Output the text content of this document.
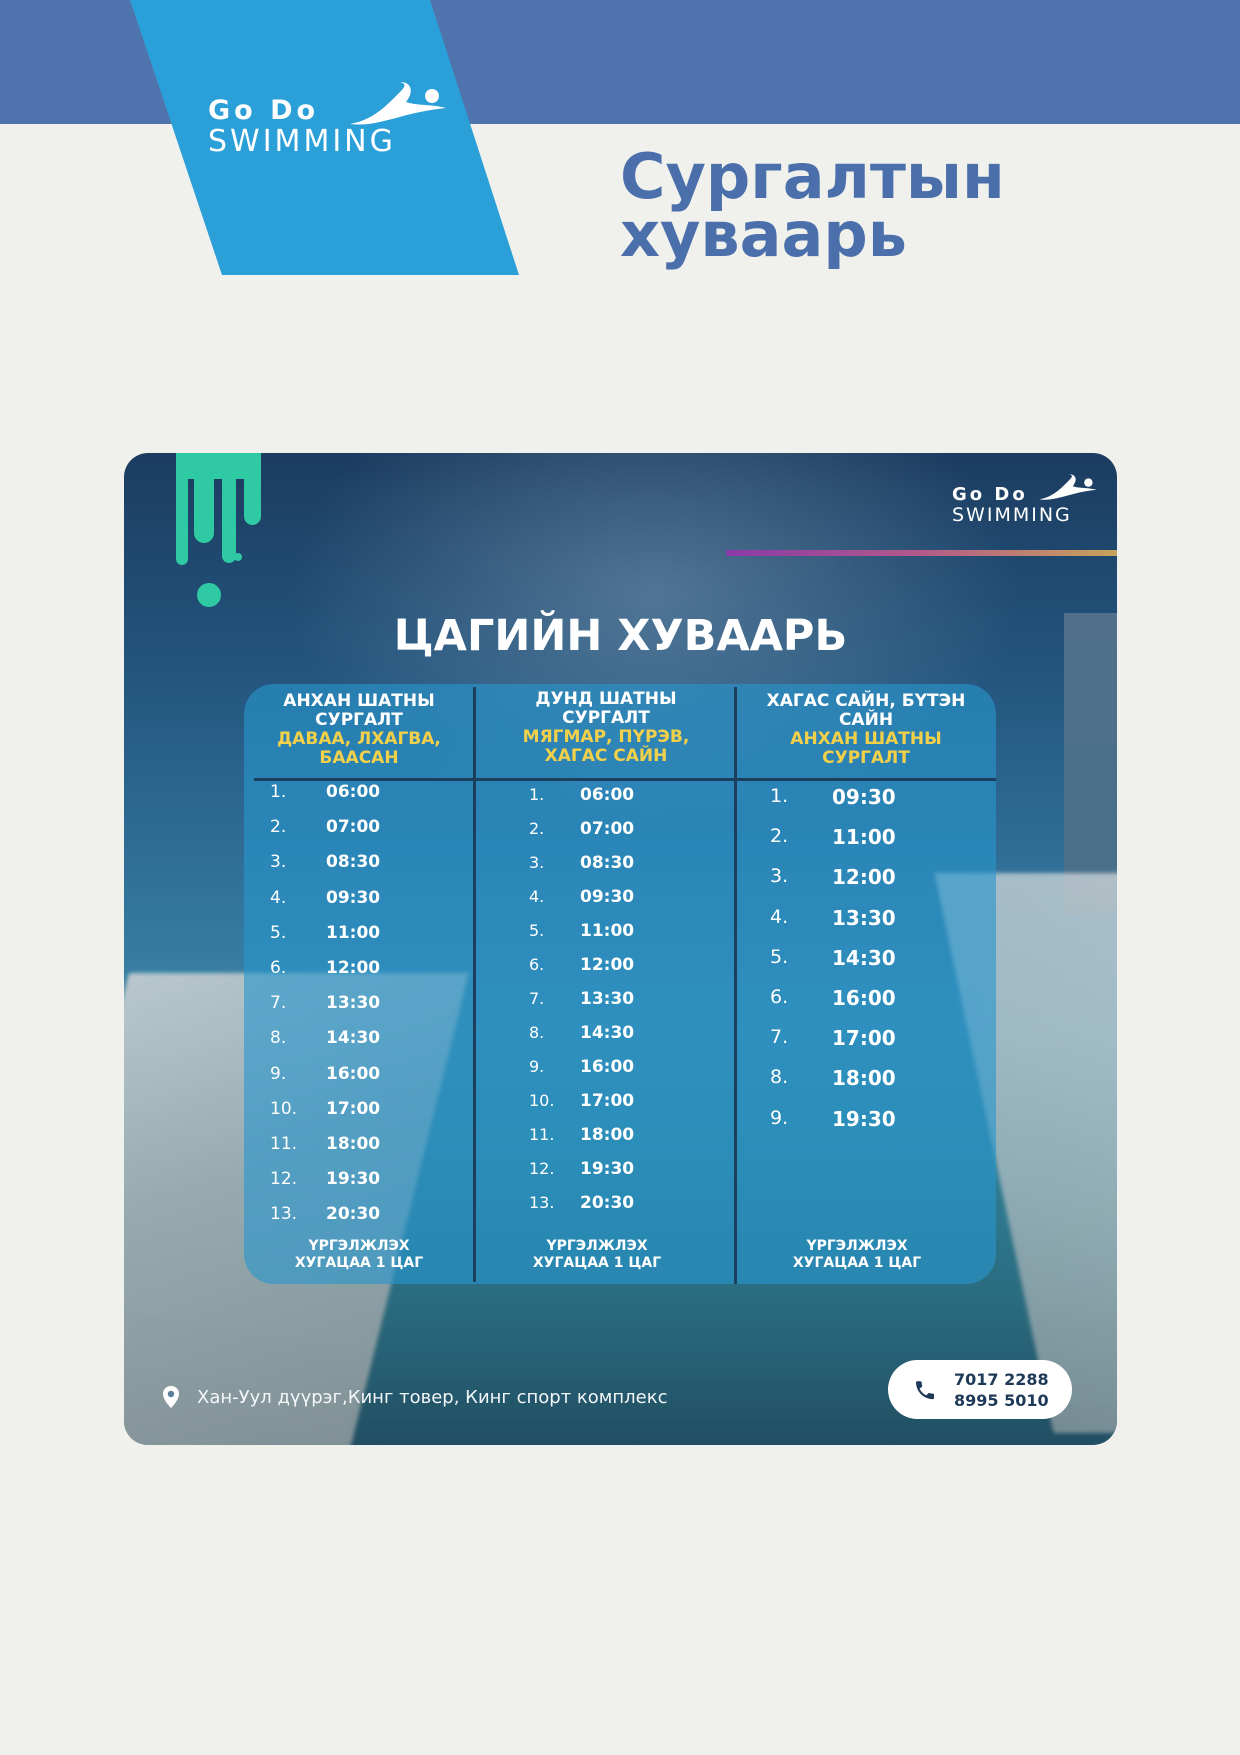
Go Do
SWIMMING	Сургалтын
хуваарь
Go Do
SWIMMING
ЦАГИЙН ХУВААРЬ
АНХАН ШАТНЫ СУРГАЛТ
ДАВАА, ЛХАГВА, БААСАН
ДУНД ШАТНЫ СУРГАЛТ
МЯГМАР, ПҮРЭВ, ХАГАС САЙН
ХАГАС САЙН, БҮТЭН САЙН
АНХАН ШАТНЫ СУРГАЛТ
1. 06:00
2. 07:00
3. 08:30
4. 09:30
5. 11:00
6. 12:00
7. 13:30
8. 14:30
9. 16:00
10. 17:00
11. 18:00
12. 19:30
13. 20:30
1. 06:00
2. 07:00
3. 08:30
4. 09:30
5. 11:00
6. 12:00
7. 13:30
8. 14:30
9. 16:00
10. 17:00
11. 18:00
12. 19:30
13. 20:30
1. 09:30
2. 11:00
3. 12:00
4. 13:30
5. 14:30
6. 16:00
7. 17:00
8. 18:00
9. 19:30
ҮРГЭЛЖЛЭХ
ХУГАЦАА 1 ЦАГ
ҮРГЭЛЖЛЭХ
ХУГАЦАА 1 ЦАГ
ҮРГЭЛЖЛЭХ
ХУГАЦАА 1 ЦАГ
Хан-Уул дүүрэг,Кинг товер, Кинг спорт комплекс
7017 2288
8995 5010
